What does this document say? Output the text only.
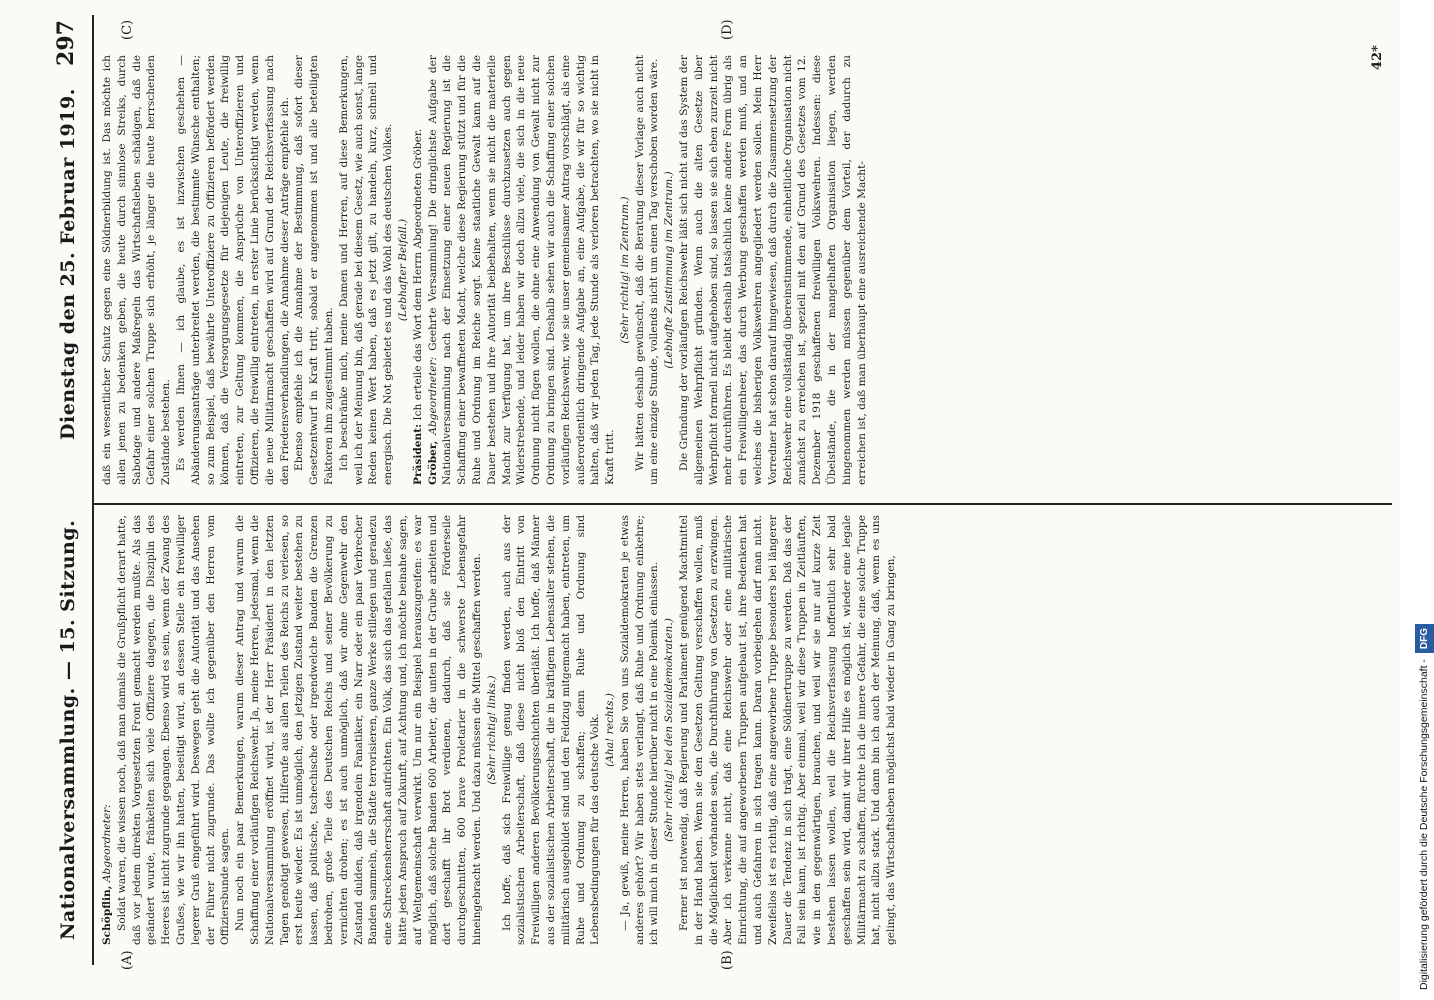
Nationalversammlung. — 15. Sitzung.
Dienstag den 25. Februar 1919.
297
(A)	(B)
(C)	(D)

Schöpflin, Abgeordneter: Soldat waren, die wissen noch, daß man damals die Grußpflicht derart hatte, daß vor jedem direkten Vorgesetzten Front gemacht werden mußte. Als das geändert wurde, fränkelten sich viele Offiziere dagegen, die Disziplin des Heeres ist nicht zugrunde gegangen. Ebenso wird es sein, wenn der Zwang des Grußes, wie wir ihn hatten, beseitigt wird, an dessen Stelle ein freiwilliger legerer Gruß eingeführt wird. Deswegen geht die Autorität und das Ansehen der Führer nicht zugrunde. Das wollte ich gegenüber den Herren vom Offiziersbunde sagen. Nun noch ein paar Bemerkungen, warum dieser Antrag und warum die Schaffung einer vorläufigen Reichswehr. Ja, meine Herren, jedesmal, wenn die Nationalversammlung eröffnet wird, ist der Herr Präsident in den letzten Tagen genötigt gewesen, Hilferufe aus allen Teilen des Reichs zu verlesen, so erst heute wieder. Es ist unmöglich, den jetzigen Zustand weiter bestehen zu lassen, daß politische, tschechische oder irgendwelche Banden die Grenzen bedrohen, große Teile des Deutschen Reichs und seiner Bevölkerung zu vernichten drohen; es ist auch unmöglich, daß wir ohne Gegenwehr den Zustand dulden, daß irgendein Fanatiker, ein Narr oder ein paar Verbrecher Banden sammeln, die Städte terrorisieren, ganze Werke stillegen und geradezu eine Schreckensherrschaft aufrichten. Ein Volk, das sich das gefallen ließe, das hätte jeden Anspruch auf Zukunft, auf Achtung und, ich möchte beinahe sagen, auf Weltgemeinschaft verwirkt. Um nur ein Beispiel herauszugreifen: es war möglich, daß solche Banden 600 Arbeiter, die unten in der Grube arbeiten und dort geschafft ihr Brot verdienen, dadurch, daß sie Förderseile durchgeschnitten, 600 brave Proletarier in die schwerste Lebensgefahr hineingebracht werden. Und dazu müssen die Mittel geschaffen werden. (Sehr richtig! links.) Ich hoffe, daß sich Freiwillige genug finden werden, auch aus der sozialistischen Arbeiterschaft, daß diese nicht bloß den Eintritt von Freiwilligen anderen Bevölkerungsschichten überläßt. Ich hoffe, daß Männer aus der sozialistischen Arbeiterschaft, die in kräftigem Lebensalter stehen, die militärisch ausgebildet sind und den Feldzug mitgemacht haben, eintreten, um Ruhe und Ordnung zu schaffen; denn Ruhe und Ordnung sind Lebensbedingungen für das deutsche Volk. (Aha! rechts.) — Ja, gewiß, meine Herren, haben Sie von uns Sozialdemokraten je etwas anderes gehört? Wir haben stets verlangt, daß Ruhe und Ordnung einkehre; ich will mich in dieser Stunde hierüber nicht in eine Polemik einlassen. (Sehr richtig! bei den Sozialdemokraten.) Ferner ist notwendig, daß Regierung und Parlament genügend Machtmittel in der Hand haben. Wenn sie den Gesetzen Geltung verschaffen wollen, muß die Möglichkeit vorhanden sein, die Durchführung von Gesetzen zu erzwingen. Aber ich verkenne nicht, daß eine Reichswehr oder eine militärische Einrichtung, die auf angeworbenen Truppen aufgebaut ist, ihre Bedenken hat und auch Gefahren in sich tragen kann. Daran vorbeigehen darf man nicht. Zweifellos ist es richtig, daß eine angeworbene Truppe besonders bei längerer Dauer die Tendenz in sich trägt, eine Söldnertruppe zu werden. Daß das der Fall sein kann, ist richtig. Aber einmal, weil wir diese Truppen in Zeitläuften, wie in den gegenwärtigen, brauchen, und weil wir sie nur auf kurze Zeit bestehen lassen wollen, weil die Reichsverfassung hoffentlich sehr bald geschaffen sein wird, damit wir ihrer Hilfe es möglich ist, wieder eine legale Militärmacht zu schaffen, fürchte ich die innere Gefahr, die eine solche Truppe hat, nicht allzu stark. Und dann bin ich auch der Meinung, daß, wenn es uns gelingt, das Wirtschaftsleben möglichst bald wieder in Gang zu bringen,

daß ein wesentlicher Schutz gegen eine Söldnerbildung ist. Das möchte ich allen jenen zu bedenken geben, die heute durch sinnlose Streiks, durch Sabotage und andere Maßregeln das Wirtschaftsleben schädigen, daß die Gefahr einer solchen Truppe sich erhöht, je länger die heute herrschenden Zustände bestehen. Es werden Ihnen — ich glaube, es ist inzwischen geschehen — Abänderungsanträge unterbreitet werden, die bestimmte Wünsche enthalten; so zum Beispiel, daß bewährte Unteroffiziere zu Offizieren befördert werden können, daß die Versorgungsgesetze für diejenigen Leute, die freiwillig eintreten, zur Geltung kommen, die Ansprüche von Unteroffizieren und Offizieren, die freiwillig eintreten, in erster Linie berücksichtigt werden, wenn die neue Militärmacht geschaffen wird auf Grund der Reichsverfassung nach den Friedensverhandlungen, die Annahme dieser Anträge empfehle ich. Ebenso empfehle ich die Annahme der Bestimmung, daß sofort dieser Gesetzentwurf in Kraft tritt, sobald er angenommen ist und alle beteiligten Faktoren ihm zugestimmt haben. Ich beschränke mich, meine Damen und Herren, auf diese Bemerkungen, weil ich der Meinung bin, daß gerade bei diesem Gesetz, wie auch sonst, lange Reden keinen Wert haben, daß es jetzt gilt, zu handeln, kurz, schnell und energisch. Die Not gebietet es und das Wohl des deutschen Volkes. (Lebhafter Beifall.)

Präsident: Ich erteile das Wort dem Herrn Abgeordneten Gröber.

Gröber, Abgeordneter: Geehrte Versammlung! Die dringlichste Aufgabe der Nationalversammlung nach der Einsetzung einer neuen Regierung ist die Schaffung einer bewaffneten Macht, welche diese Regierung stützt und für die Ruhe und Ordnung im Reiche sorgt. Keine staatliche Gewalt kann auf die Dauer bestehen und ihre Autorität beibehalten, wenn sie nicht die materielle Macht zur Verfügung hat, um ihre Beschlüsse durchzusetzen auch gegen Widerstrebende, und leider haben wir doch allzu viele, die sich in die neue Ordnung nicht fügen wollen, die ohne eine Anwendung von Gewalt nicht zur Ordnung zu bringen sind. Deshalb sehen wir auch die Schaffung einer solchen vorläufigen Reichswehr, wie sie unser gemeinsamer Antrag vorschlägt, als eine außerordentlich dringende Aufgabe an, eine Aufgabe, die wir für so wichtig halten, daß wir jeden Tag, jede Stunde als verloren betrachten, wo sie nicht in Kraft tritt.

(Sehr richtig! im Zentrum.) Wir hätten deshalb gewünscht, daß die Beratung dieser Vorlage auch nicht um eine einzige Stunde, vollends nicht um einen Tag verschoben worden wäre. (Lebhafte Zustimmung im Zentrum.) Die Gründung der vorläufigen Reichswehr läßt sich nicht auf das System der allgemeinen Wehrpflicht gründen. Wenn auch die alten Gesetze über Wehrpflicht formell nicht aufgehoben sind, so lassen sie sich eben zurzeit nicht mehr durchführen. Es bleibt deshalb tatsächlich keine andere Form übrig als ein Freiwilligenheer, das durch Werbung geschaffen werden muß, und an welches die bisherigen Volkswehren angegliedert werden sollen. Mein Herr Vorredner hat schon darauf hingewiesen, daß durch die Zusammensetzung der Reichswehr eine vollständig übereinstimmende, einheitliche Organisation nicht zunächst zu erreichen ist, speziell mit den auf Grund des Gesetzes vom 12. Dezember 1918 geschaffenen freiwilligen Volkswehren. Indessen: diese Übelstände, die in der mangelhaften Organisation liegen, werden hingenommen werden müssen gegenüber dem Vorteil, der dadurch zu erreichen ist, daß man überhaupt eine ausreichende Macht-

42*
Digitalisierung gefördert durch die Deutsche Forschungsgemeinschaft -DFG
